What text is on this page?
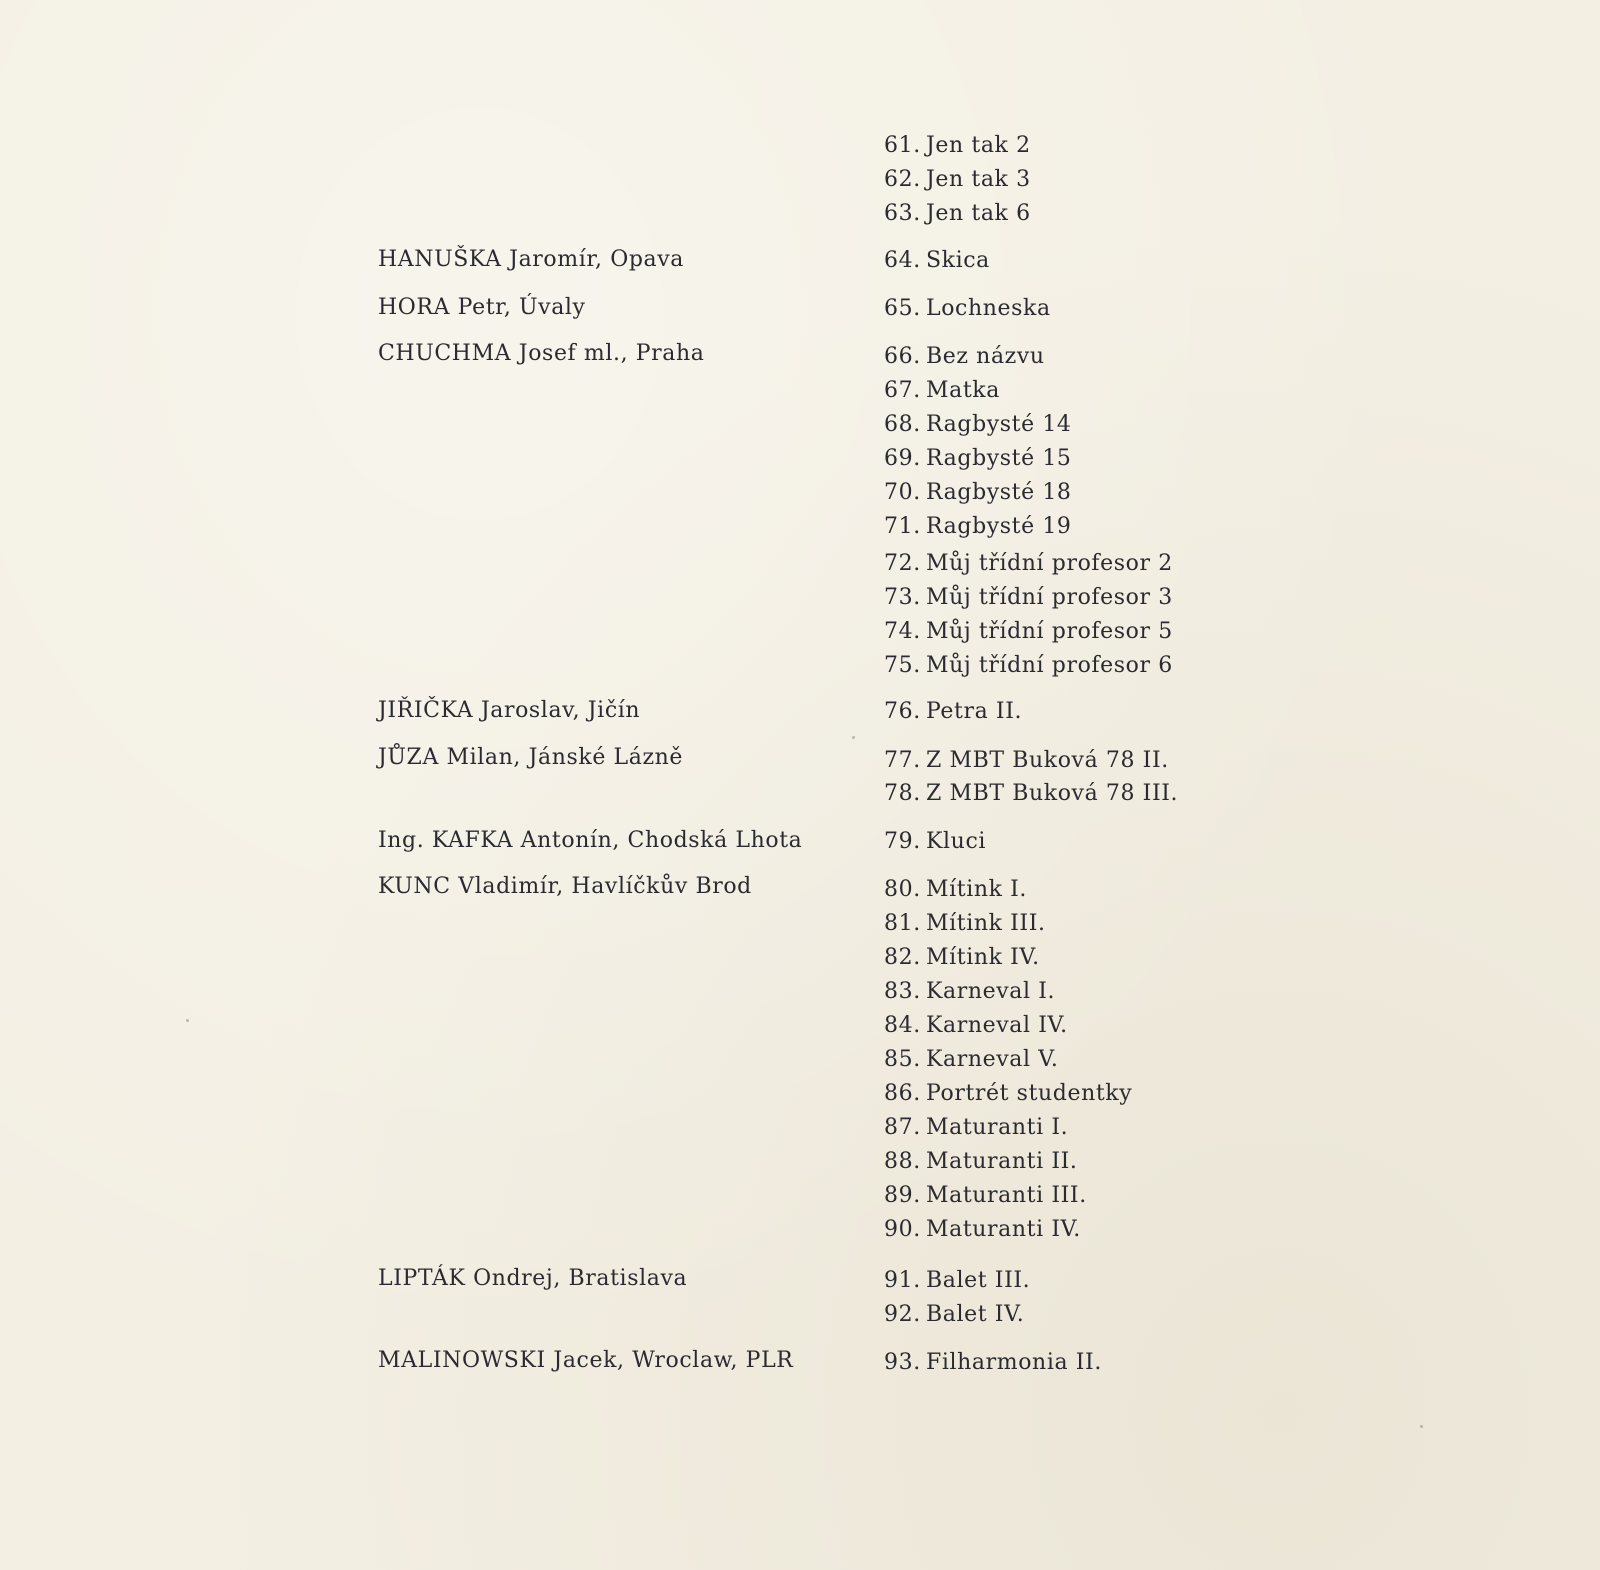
HANUŠKA Jaromír, Opava
HORA Petr, Úvaly
CHUCHMA Josef ml., Praha
JIŘIČKA Jaroslav, Jičín
JŮZA Milan, Jánské Lázně
Ing. KAFKA Antonín, Chodská Lhota
KUNC Vladimír, Havlíčkův Brod
LIPTÁK Ondrej, Bratislava
MALINOWSKI Jacek, Wroclaw, PLR
61. Jen tak 2
62. Jen tak 3
63. Jen tak 6
64. Skica
65. Lochneska
66. Bez názvu
67. Matka
68. Ragbysté 14
69. Ragbysté 15
70. Ragbysté 18
71. Ragbysté 19
72. Můj třídní profesor 2
73. Můj třídní profesor 3
74. Můj třídní profesor 5
75. Můj třídní profesor 6
76. Petra II.
77. Z MBT Buková 78 II.
78. Z MBT Buková 78 III.
79. Kluci
80. Mítink I.
81. Mítink III.
82. Mítink IV.
83. Karneval I.
84. Karneval IV.
85. Karneval V.
86. Portrét studentky
87. Maturanti I.
88. Maturanti II.
89. Maturanti III.
90. Maturanti IV.
91. Balet III.
92. Balet IV.
93. Filharmonia II.
